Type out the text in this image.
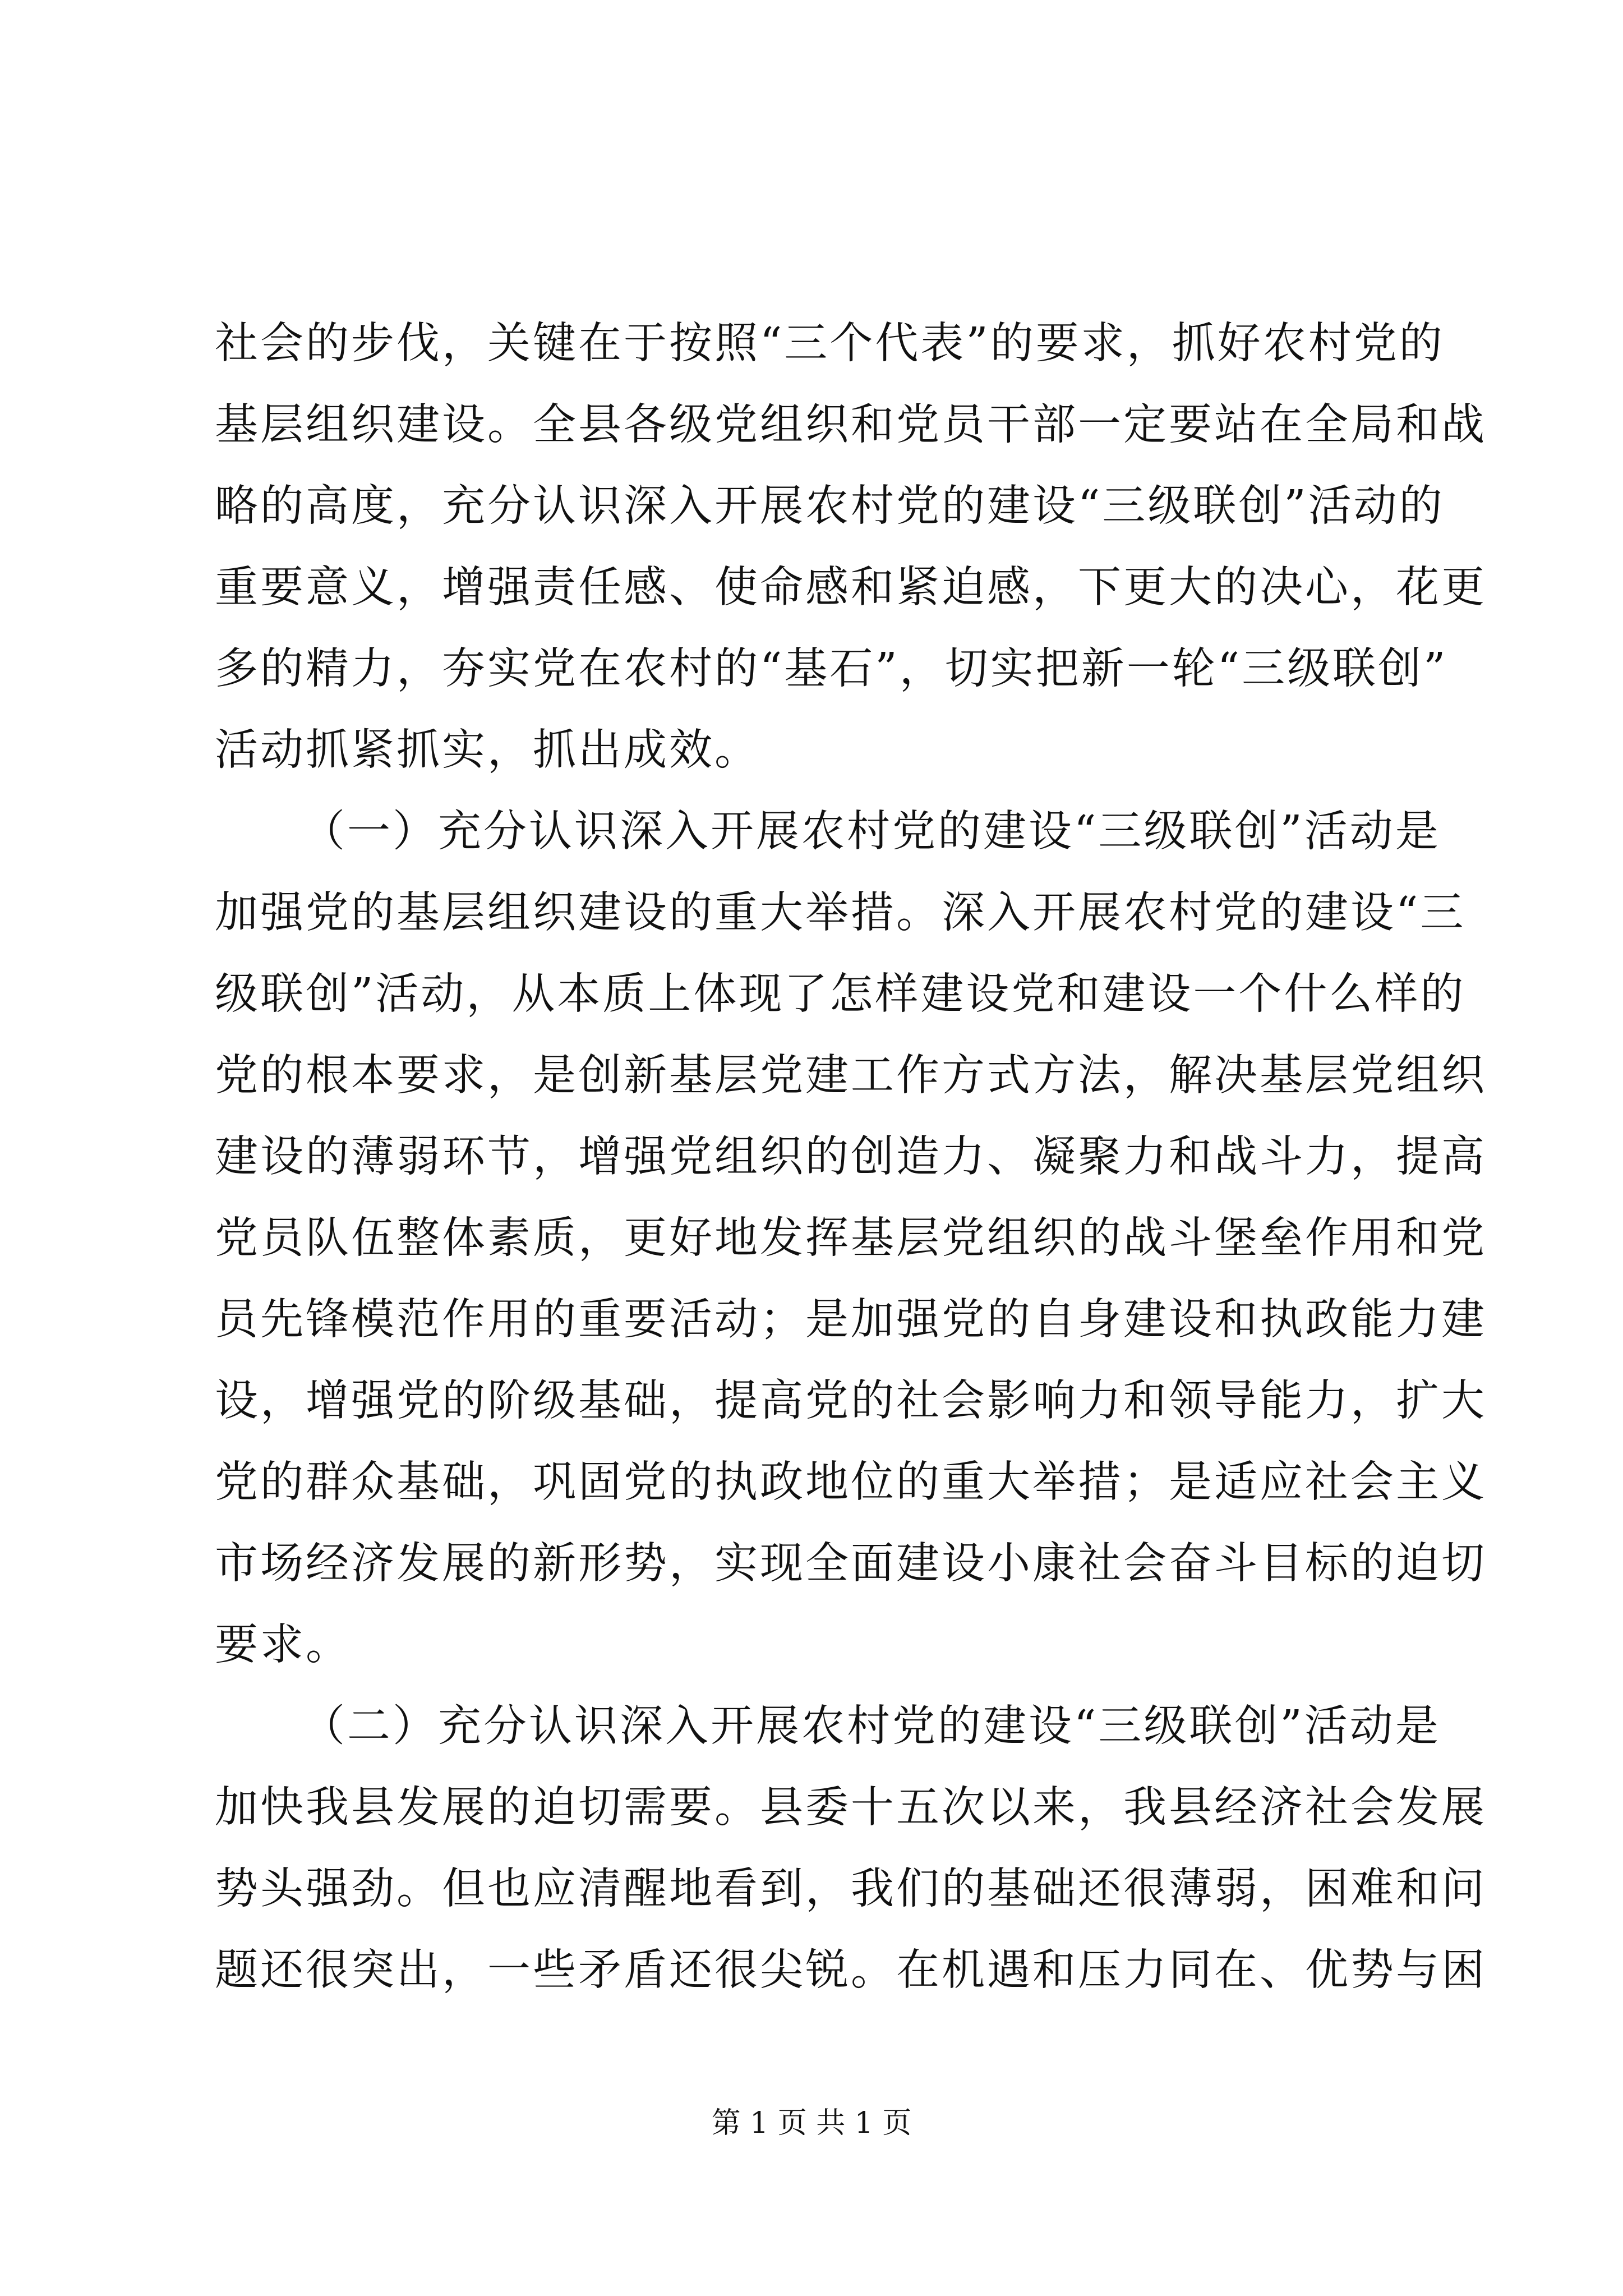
社会的步伐，关键在于按照“三个代表”的要求，抓好农村党的
基层组织建设。全县各级党组织和党员干部一定要站在全局和战
略的高度，充分认识深入开展农村党的建设“三级联创”活动的
重要意义，增强责任感、使命感和紧迫感，下更大的决心，花更
多的精力，夯实党在农村的“基石”，切实把新一轮“三级联创”
活动抓紧抓实，抓出成效。
（一）充分认识深入开展农村党的建设“三级联创”活动是
加强党的基层组织建设的重大举措。深入开展农村党的建设“三
级联创”活动，从本质上体现了怎样建设党和建设一个什么样的
党的根本要求，是创新基层党建工作方式方法，解决基层党组织
建设的薄弱环节，增强党组织的创造力、凝聚力和战斗力，提高
党员队伍整体素质，更好地发挥基层党组织的战斗堡垒作用和党
员先锋模范作用的重要活动；是加强党的自身建设和执政能力建
设，增强党的阶级基础，提高党的社会影响力和领导能力，扩大
党的群众基础，巩固党的执政地位的重大举措；是适应社会主义
市场经济发展的新形势，实现全面建设小康社会奋斗目标的迫切
要求。
（二）充分认识深入开展农村党的建设“三级联创”活动是
加快我县发展的迫切需要。县委十五次以来，我县经济社会发展
势头强劲。但也应清醒地看到，我们的基础还很薄弱，困难和问
题还很突出，一些矛盾还很尖锐。在机遇和压力同在、优势与困
第 1 页 共 1 页
